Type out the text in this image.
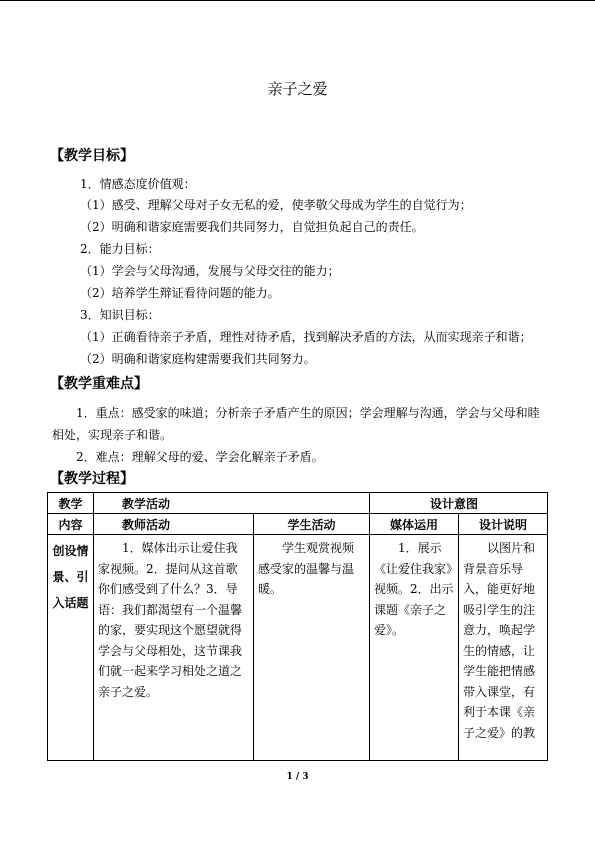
亲子之爱
【教学目标】
1．情感态度价值观：
（1）感受、理解父母对子女无私的爱，使孝敬父母成为学生的自觉行为；
（2）明确和谐家庭需要我们共同努力，自觉担负起自己的责任。
2．能力目标：
（1）学会与父母沟通，发展与父母交往的能力；
（2）培养学生辩证看待问题的能力。
3．知识目标：
（1）正确看待亲子矛盾，理性对待矛盾，找到解决矛盾的方法，从而实现亲子和谐；
（2）明确和谐家庭构建需要我们共同努力。
【教学重难点】
1．重点：感受家的味道；分析亲子矛盾产生的原因；学会理解与沟通，学会与父母和睦
相处，实现亲子和谐。
2．难点：理解父母的爱、学会化解亲子矛盾。
【教学过程】
教学	教学活动		设计意图	
内容	教师活动	学生活动	媒体运用	设计说明
创设情景、引入话题	1．媒体出示让爱住我家视频。2．提问从这首歌你们感受到了什么？3．导语：我们都渴望有一个温馨的家，要实现这个愿望就得学会与父母相处，这节课我们就一起来学习相处之道之亲子之爱。	学生观赏视频感受家的温馨与温暖。	1．展示《让爱住我家》视频。2．出示课题《亲子之爱》。	以图片和背景音乐导入，能更好地吸引学生的注意力，唤起学生的情感，让学生能把情感带入课堂，有利于本课《亲子之爱》的教
1 / 3
